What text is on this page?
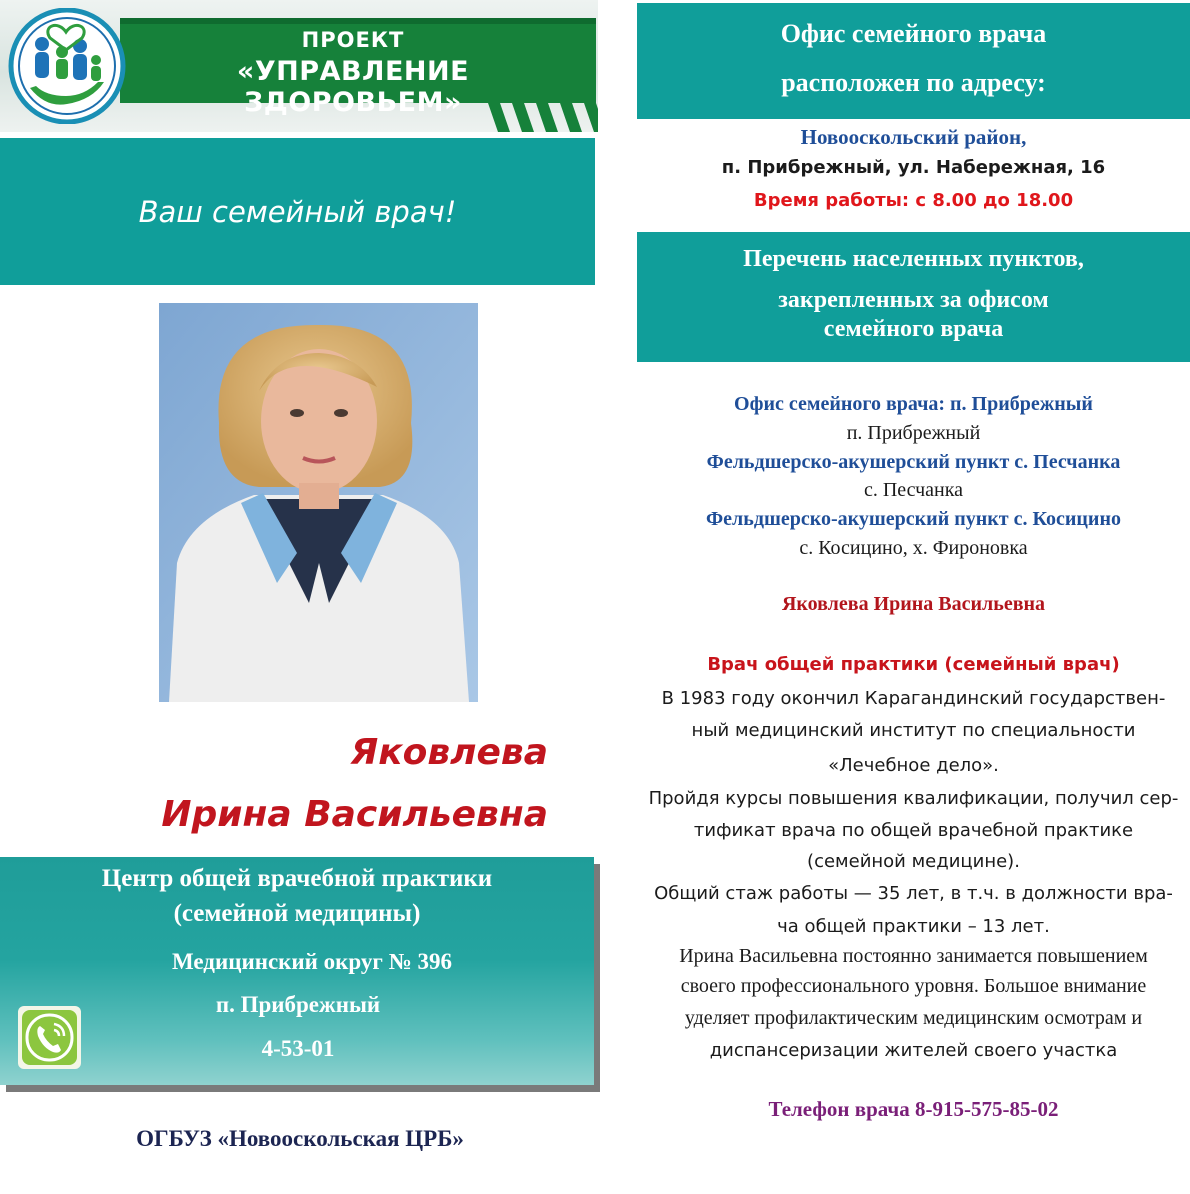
ПРОЕКТ
«УПРАВЛЕНИЕ ЗДОРОВЬЕМ»
Ваш семейный врач!
Яковлева
Ирина Васильевна
Центр общей врачебной практики
(семейной медицины)
Медицинский округ № 396
п. Прибрежный
4-53-01
ОГБУЗ «Новооскольская ЦРБ»
Офис семейного врача
расположен по адресу:
Новооскольский район,
п. Прибрежный, ул. Набережная, 16
Время работы: с 8.00 до 18.00
Перечень населенных пунктов,
закрепленных за офисом
семейного врача
Офис семейного врача: п. Прибрежный
п. Прибрежный
Фельдшерско-акушерский пункт с. Песчанка
с. Песчанка
Фельдшерско-акушерский пункт с. Косицино
с. Косицино, х. Фироновка
Яковлева Ирина Васильевна
Врач общей практики (семейный врач)
В 1983 году окончил Карагандинский государствен-
ный медицинский институт по специальности
«Лечебное дело».
Пройдя курсы повышения квалификации, получил сер-
тификат врача по общей врачебной практике
(семейной медицине).
Общий стаж работы — 35 лет, в т.ч. в должности вра-
ча общей практики – 13 лет.
Ирина Васильевна постоянно занимается повышением
своего профессионального уровня. Большое внимание
уделяет профилактическим медицинским осмотрам и
диспансеризации жителей своего участка
Телефон врача 8-915-575-85-02
